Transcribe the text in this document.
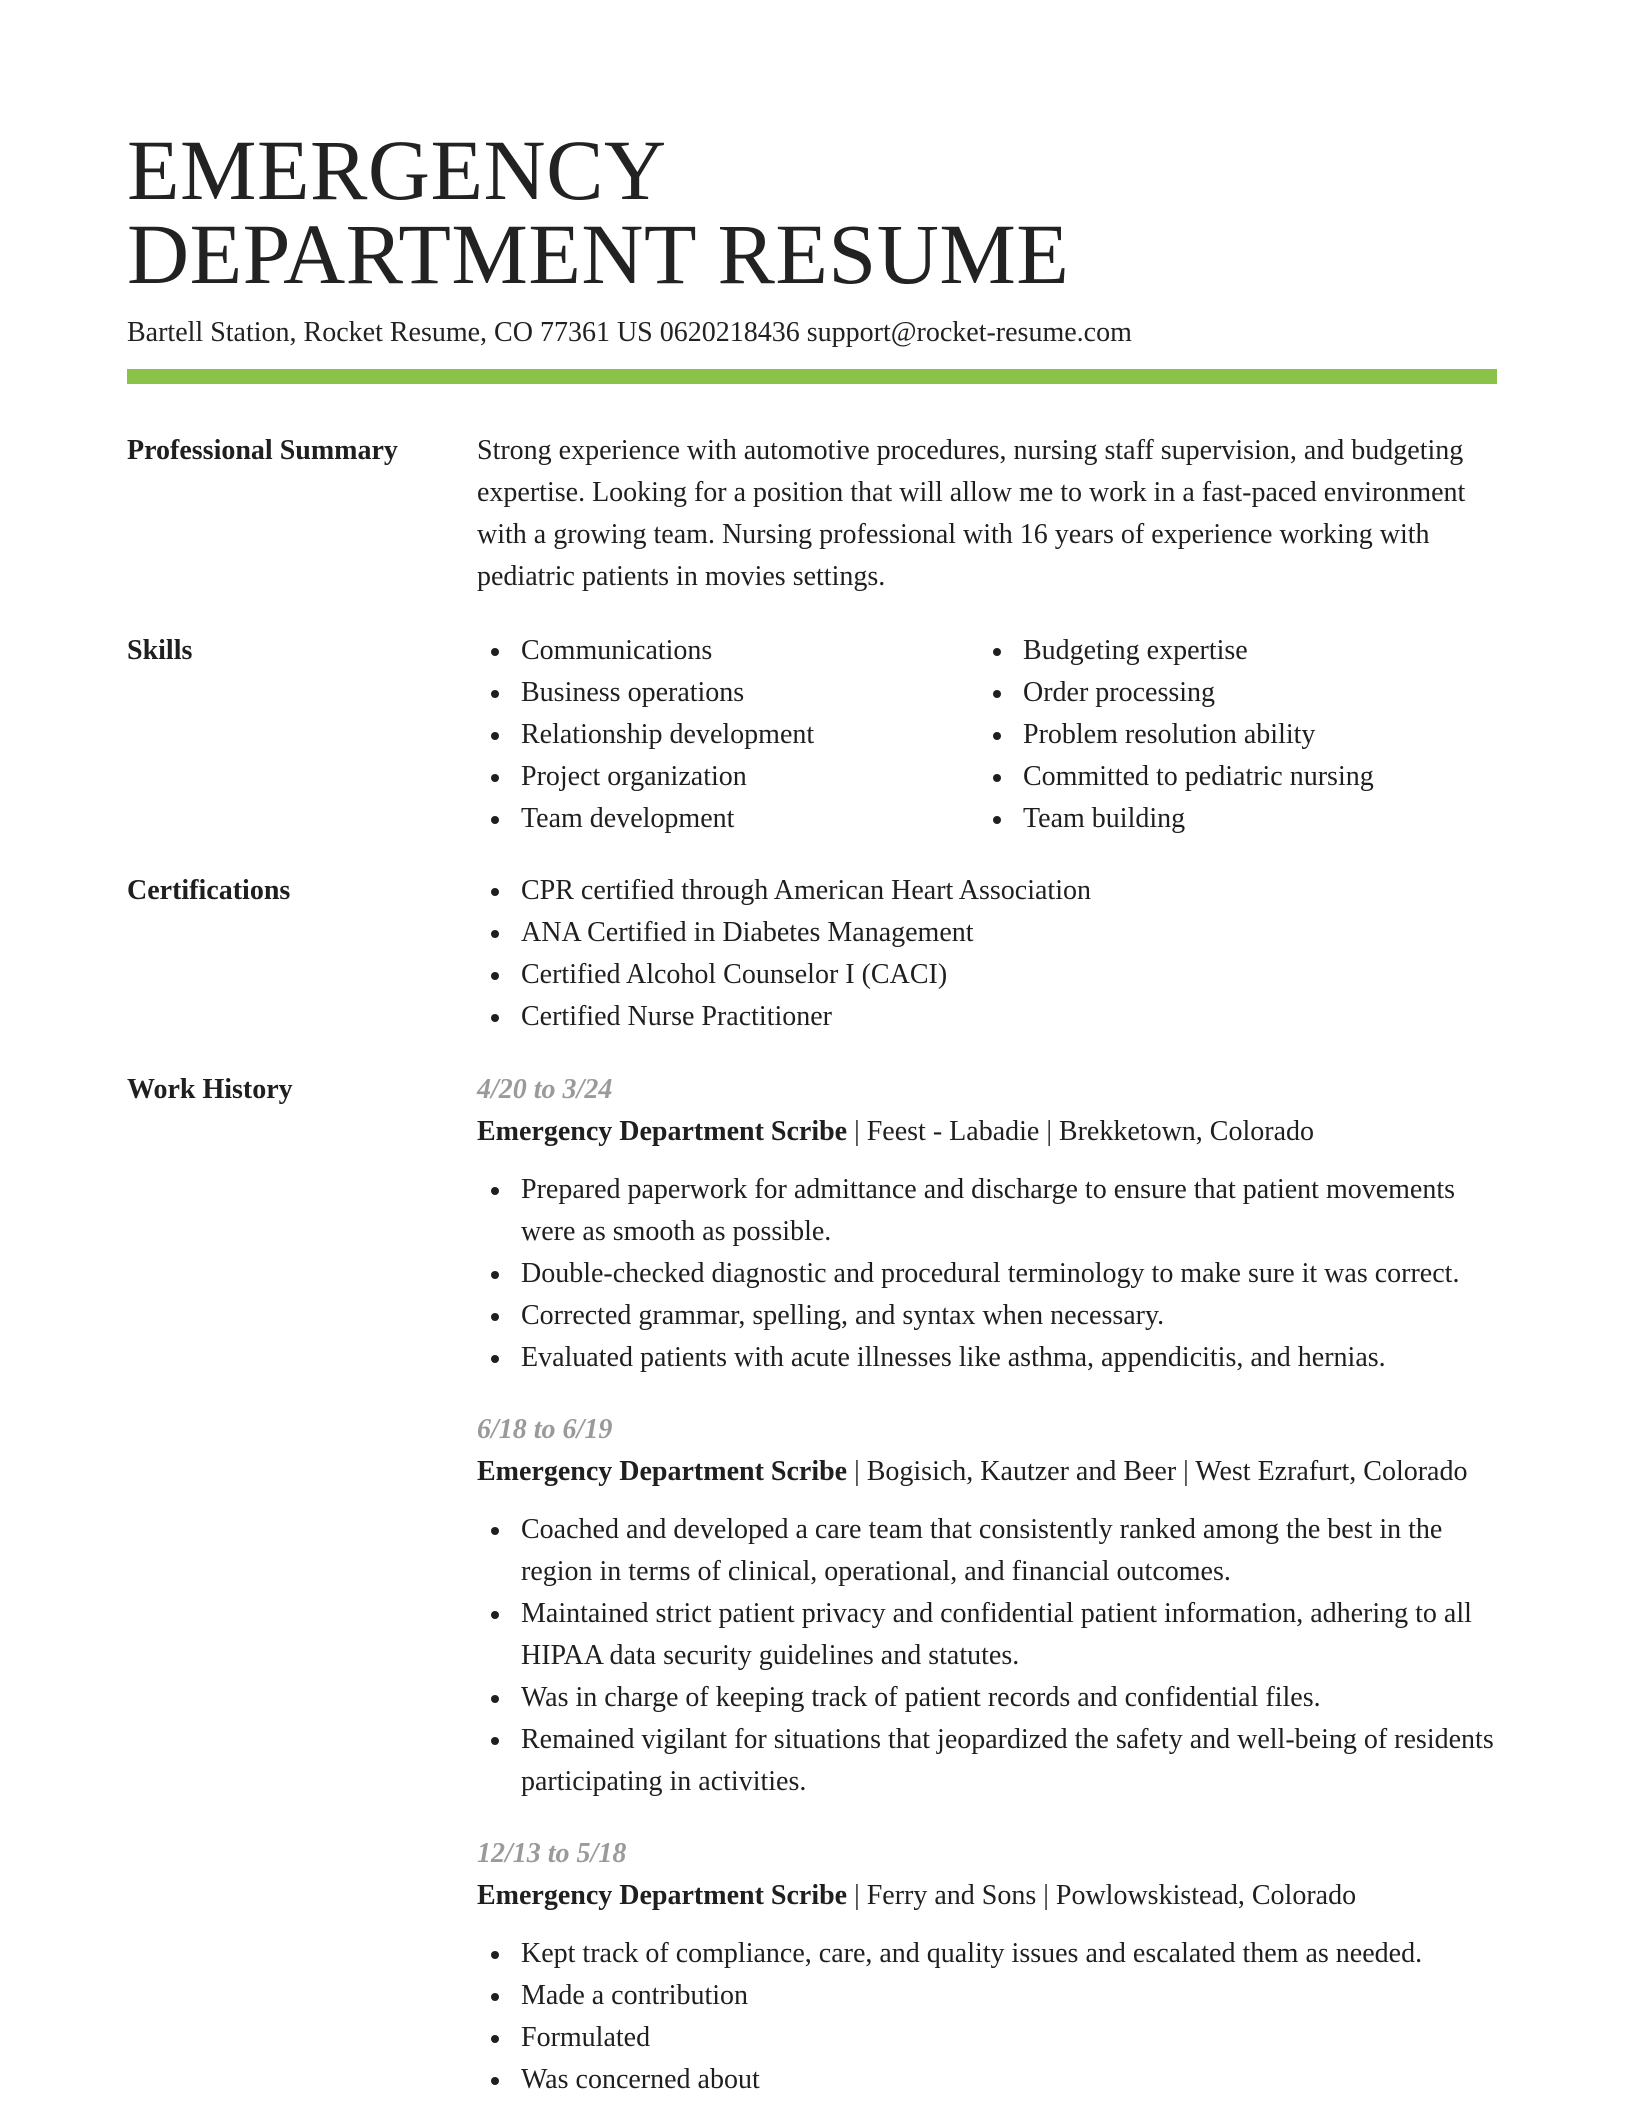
EMERGENCY
DEPARTMENT RESUME
Bartell Station, Rocket Resume, CO 77361 US 0620218436 support@rocket-resume.com
Professional Summary	Strong experience with automotive procedures, nursing staff supervision, and budgeting expertise. Looking for a position that will allow me to work in a fast-paced environment with a growing team. Nursing professional with 16 years of experience working with pediatric patients in movies settings.
Skills	Communications
Business operations
Relationship development
Project organization
Team development
Budgeting expertise
Order processing
Problem resolution ability
Committed to pediatric nursing
Team building
Certifications	CPR certified through American Heart Association
ANA Certified in Diabetes Management
Certified Alcohol Counselor I (CACI)
Certified Nurse Practitioner
Work History	4/20 to 3/24
Emergency Department Scribe | Feest - Labadie | Brekketown, Colorado
Prepared paperwork for admittance and discharge to ensure that patient movements were as smooth as possible.
Double-checked diagnostic and procedural terminology to make sure it was correct.
Corrected grammar, spelling, and syntax when necessary.
Evaluated patients with acute illnesses like asthma, appendicitis, and hernias.
6/18 to 6/19
Emergency Department Scribe | Bogisich, Kautzer and Beer | West Ezrafurt, Colorado
Coached and developed a care team that consistently ranked among the best in the region in terms of clinical, operational, and financial outcomes.
Maintained strict patient privacy and confidential patient information, adhering to all HIPAA data security guidelines and statutes.
Was in charge of keeping track of patient records and confidential files.
Remained vigilant for situations that jeopardized the safety and well-being of residents participating in activities.
12/13 to 5/18
Emergency Department Scribe | Ferry and Sons | Powlowskistead, Colorado
Kept track of compliance, care, and quality issues and escalated them as needed.
Made a contribution
Formulated
Was concerned about
